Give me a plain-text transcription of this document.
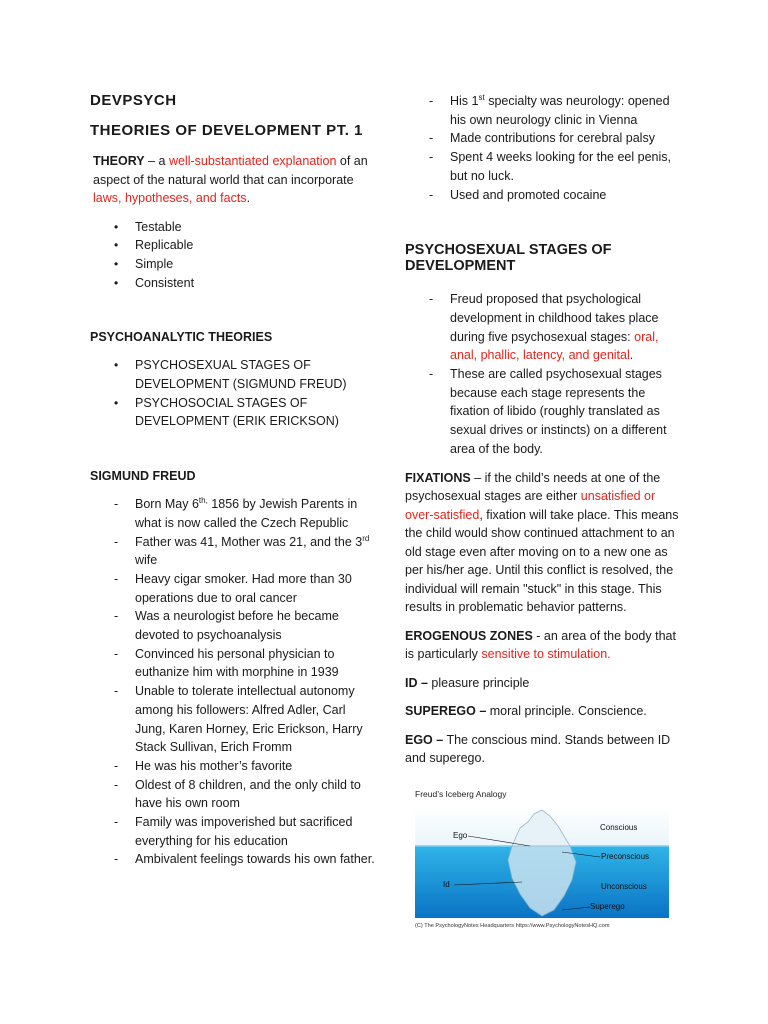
DEVPSYCH
THEORIES OF DEVELOPMENT PT. 1

THEORY – a well-substantiated explanation of an aspect of the natural world that can incorporate laws, hypotheses, and facts.

• Testable
• Replicable
• Simple
• Consistent
PSYCHOANALYTIC THEORIES
• PSYCHOSEXUAL STAGES OF DEVELOPMENT (SIGMUND FREUD)
• PSYCHOSOCIAL STAGES OF DEVELOPMENT (ERIK ERICKSON)
SIGMUND FREUD
- Born May $6^{th,}$ 1856 by Jewish Parents in what is now called the Czech Republic
- Father was 41, Mother was 21, and the 3rd wife
- Heavy cigar smoker. Had more than 30 operations due to oral cancer
- Was a neurologist before he became devoted to psychoanalysis
- Convinced his personal physician to euthanize him with morphine in 1939
- Unable to tolerate intellectual autonomy among his followers: Alfred Adler, Carl Jung, Karen Horney, Eric Erickson, Harry Stack Sullivan, Erich Fromm
- He was his mother’s favorite
- Oldest of 8 children, and the only child to have his own room
- Family was impoverished but sacrificed everything for his education
- Ambivalent feelings towards his own father.
- His 1st specialty was neurology: opened his own neurology clinic in Vienna
- Made contributions for cerebral palsy
- Spent 4 weeks looking for the eel penis, but no luck.
- Used and promoted cocaine
PSYCHOSEXUAL STAGES OF DEVELOPMENT
- Freud proposed that psychological development in childhood takes place during five psychosexual stages: oral, anal, phallic, latency, and genital.
- These are called psychosexual stages because each stage represents the fixation of libido (roughly translated as sexual drives or instincts) on a different area of the body.

FIXATIONS – if the child’s needs at one of the psychosexual stages are either unsatisfied or over-satisfied, fixation will take place. This means the child would show continued attachment to an old stage even after moving on to a new one as per his/her age. Until this conflict is resolved, the individual will remain "stuck" in this stage. This results in problematic behavior patterns.

EROGENOUS ZONES - an area of the body that is particularly sensitive to stimulation.

ID – pleasure principle

SUPEREGO – moral principle. Conscience.

EGO – The conscious mind. Stands between ID and superego.

Freud’s Iceberg Analogy
Ego
Id
Conscious
Preconscious
Unconscious
Superego
(C) The PsychologyNotes Headquarters https://www.PsychologyNotesHQ.com
